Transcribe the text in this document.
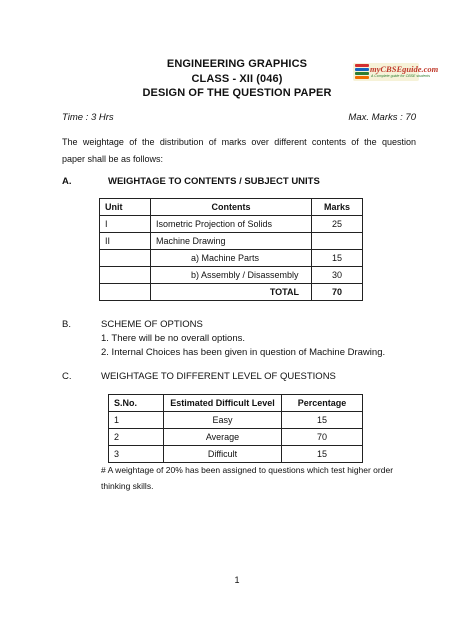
ENGINEERING GRAPHICS
CLASS - XII (046)
DESIGN OF THE QUESTION PAPER
myCBSEguide.com
A Complete guide for CBSE students
Time : 3 Hrs	Max. Marks : 70
The weightage of the distribution of marks over different contents of the question
paper shall be as follows:
A.	WEIGHTAGE TO CONTENTS / SUBJECT UNITS
Unit	Contents	Marks
I	Isometric Projection of Solids	25
II	Machine Drawing	
	a) Machine Parts	15
	b) Assembly / Disassembly	30
	TOTAL	70
B.	SCHEME OF OPTIONS
1. There will be no overall options.
2. Internal Choices has been given in question of Machine Drawing.
C.	WEIGHTAGE TO DIFFERENT LEVEL OF QUESTIONS
S.No.	Estimated Difficult Level	Percentage
1	Easy	15
2	Average	70
3	Difficult	15
# A weightage of 20% has been assigned to questions which test higher order
thinking skills.
1
